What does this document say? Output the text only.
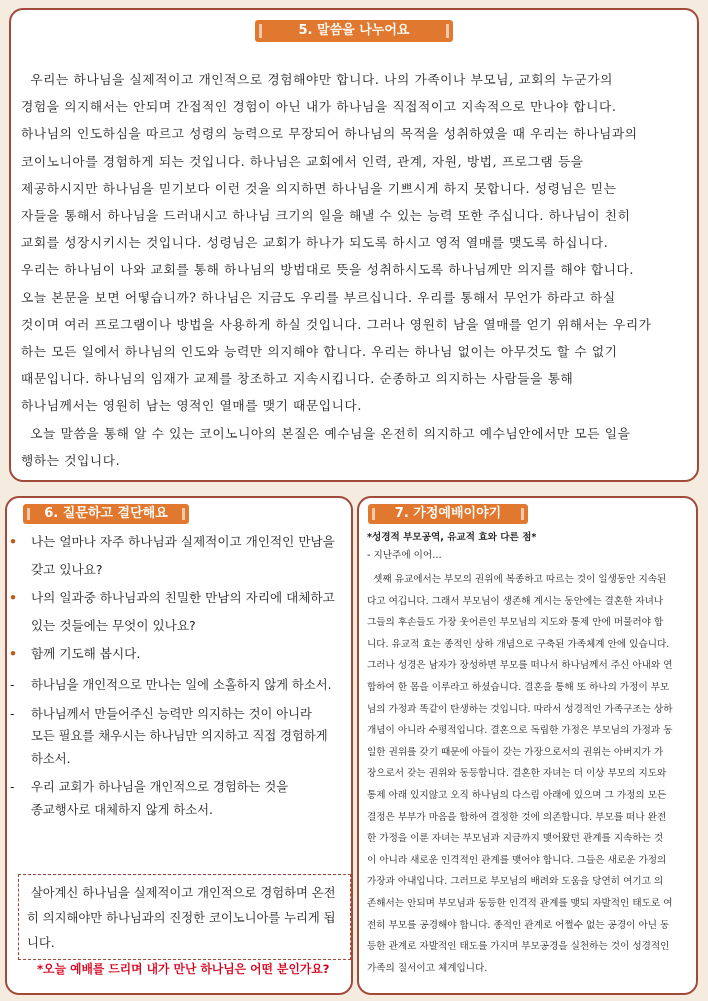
5. 말씀을 나누어요

우리는 하나님을 실제적이고 개인적으로 경험해야만 합니다. 나의 가족이나 부모님, 교회의 누군가의

경험을 의지해서는 안되며 간접적인 경험이 아닌 내가 하나님을 직접적이고 지속적으로 만나야 합니다.

하나님의 인도하심을 따르고 성령의 능력으로 무장되어 하나님의 목적을 성취하였을 때 우리는 하나님과의

코이노니아를 경험하게 되는 것입니다. 하나님은 교회에서 인력, 관계, 자원, 방법, 프로그램 등을

제공하시지만 하나님을 믿기보다 이런 것을 의지하면 하나님을 기쁘시게 하지 못합니다. 성령님은 믿는

자들을 통해서 하나님을 드러내시고 하나님 크기의 일을 해낼 수 있는 능력 또한 주십니다. 하나님이 친히

교회를 성장시키시는 것입니다. 성령님은 교회가 하나가 되도록 하시고 영적 열매를 맺도록 하십니다.

우리는 하나님이 나와 교회를 통해 하나님의 방법대로 뜻을 성취하시도록 하나님께만 의지를 해야 합니다.

오늘 본문을 보면 어떻습니까? 하나님은 지금도 우리를 부르십니다. 우리를 통해서 무언가 하라고 하실

것이며 여러 프로그램이나 방법을 사용하게 하실 것입니다. 그러나 영원히 남을 열매를 얻기 위해서는 우리가

하는 모든 일에서 하나님의 인도와 능력만 의지해야 합니다. 우리는 하나님 없이는 아무것도 할 수 없기

때문입니다. 하나님의 임재가 교제를 창조하고 지속시킵니다. 순종하고 의지하는 사람들을 통해

하나님께서는 영원히 남는 영적인 열매를 맺기 때문입니다.

오늘 말씀을 통해 알 수 있는 코이노니아의 본질은 예수님을 온전히 의지하고 예수님안에서만 모든 일을

행하는 것입니다.

6. 질문하고 결단해요
• 나는 얼마나 자주 하나님과 실제적이고 개인적인 만남을
갖고 있나요?
• 나의 일과중 하나님과의 친밀한 만남의 자리에 대체하고
있는 것들에는 무엇이 있나요?
• 함께 기도해 봅시다.
- 하나님을 개인적으로 만나는 일에 소홀하지 않게 하소서.
- 하나님께서 만들어주신 능력만 의지하는 것이 아니라
모든 필요를 채우시는 하나님만 의지하고 직접 경험하게
하소서.
- 우리 교회가 하나님을 개인적으로 경험하는 것을
종교행사로 대체하지 않게 하소서.
살아계신 하나님을 실제적이고 개인적으로 경험하며 온전
히 의지해야만 하나님과의 진정한 코이노니아를 누리게 됩
니다.
*오늘 예배를 드리며 내가 만난 하나님은 어떤 분인가요?
7. 가정예배이야기
*성경적 부모공역, 유교적 효와 다른 점*
- 지난주에 이어…
셋째 유교에서는 부모의 권위에 복종하고 따르는 것이 일생동안 지속된
다고 여깁니다. 그래서 부모님이 생존해 계시는 동안에는 결혼한 자녀나
그들의 후손들도 가장 웃어른인 부모님의 지도와 통제 안에 머물러야 합
니다. 유교적 효는 종적인 상하 개념으로 구축된 가족체계 안에 있습니다.
그러나 성경은 남자가 장성하면 부모를 떠나서 하나님께서 주신 아내와 연
합하여 한 몸을 이루라고 하셨습니다. 결혼을 통해 또 하나의 가정이 부모
님의 가정과 똑같이 탄생하는 것입니다. 따라서 성경적인 가족구조는 상하
개념이 아니라 수평적입니다. 결혼으로 독립한 가정은 부모님의 가정과 동
일한 권위를 갖기 때문에 아들이 갖는 가장으로서의 권위는 아버지가 가
장으로서 갖는 권위와 동등합니다. 결혼한 자녀는 더 이상 부모의 지도와
통제 아래 있지않고 오직 하나님의 다스림 아래에 있으며 그 가정의 모든
결정은 부부가 마음을 합하여 결정한 것에 의존합니다. 부모를 떠나 완전
한 가정을 이룬 자녀는 부모님과 지금까지 맺어왔던 관계를 지속하는 것
이 아니라 새로운 인격적인 관계를 맺어야 합니다. 그들은 새로운 가정의
가장과 아내입니다. 그러므로 부모님의 배려와 도움을 당연히 여기고 의
존해서는 안되며 부모님과 동등한 인격적 관계를 맺되 자발적인 태도로 여
전히 부모를 공경해야 합니다. 종적인 관계로 어쩔수 없는 공경이 아닌 동
등한 관계로 자발적인 태도를 가지며 부모공경을 실천하는 것이 성경적인
가족의 질서이고 체계입니다.
